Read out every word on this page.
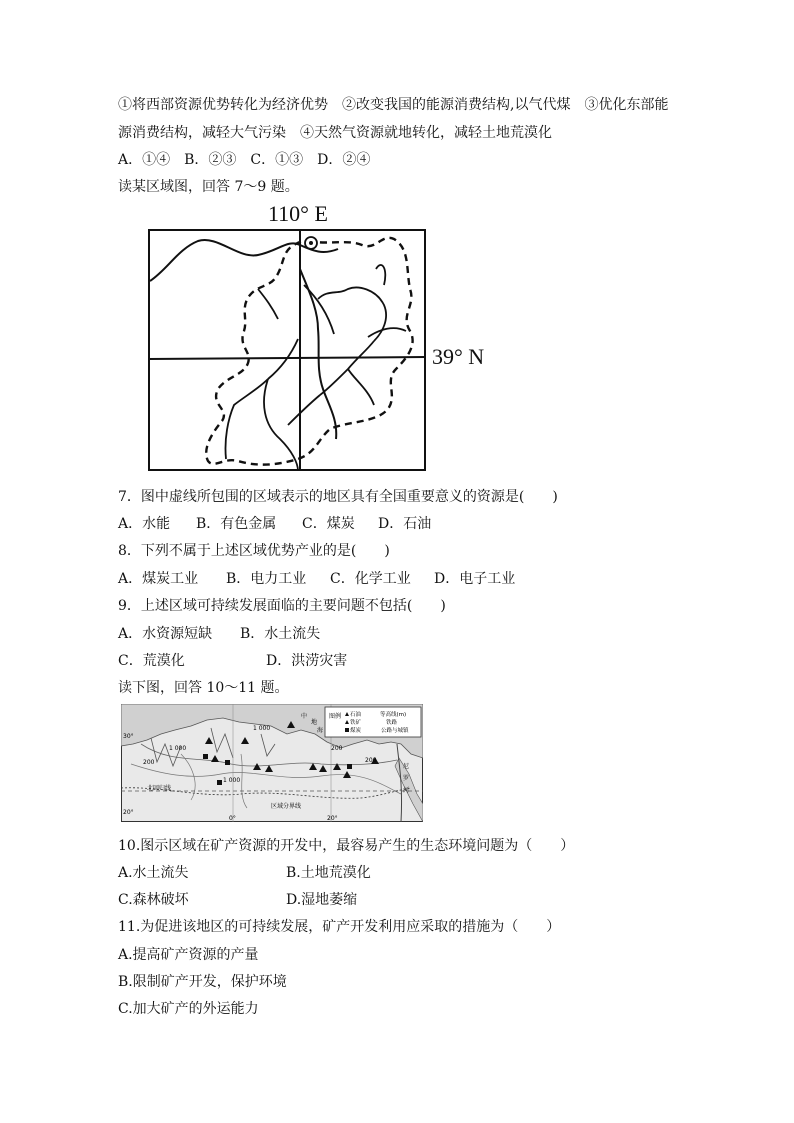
①将西部资源优势转化为经济优势　②改变我国的能源消费结构,以气代煤　③优化东部能
源消费结构，减轻大气污染　④天然气资源就地转化，减轻土地荒漠化
A．①④　B．②③　C．①③　D．②④
读某区域图，回答 7～9 题。
110° E
39° N
7．图中虚线所包围的区域表示的地区具有全国重要意义的资源是(　　)
A．水能 B．有色金属 C．煤炭 D．石油
8．下列不属于上述区域优势产业的是(　　)
A．煤炭工业 B．电力工业 C．化学工业 D．电子工业
9．上述区域可持续发展面临的主要问题不包括(　　)
A．水资源短缺 B．水土流失
C．荒漠化	D．洪涝灾害
读下图，回答 10～11 题。
图例 石油	等高线(m)
铁矿	铁路
煤炭	公路与城镇
30°
20°
0°	20°
北回归线
区域分界线
1 000
200
1 000
200
1 000
200
中
地
海
尼
罗
河
10.图示区域在矿产资源的开发中，最容易产生的生态环境问题为（　　）
A.水土流失	B.土地荒漠化
C.森林破坏	D.湿地萎缩
11.为促进该地区的可持续发展，矿产开发利用应采取的措施为（　　）
A.提高矿产资源的产量
B.限制矿产开发，保护环境
C.加大矿产的外运能力
